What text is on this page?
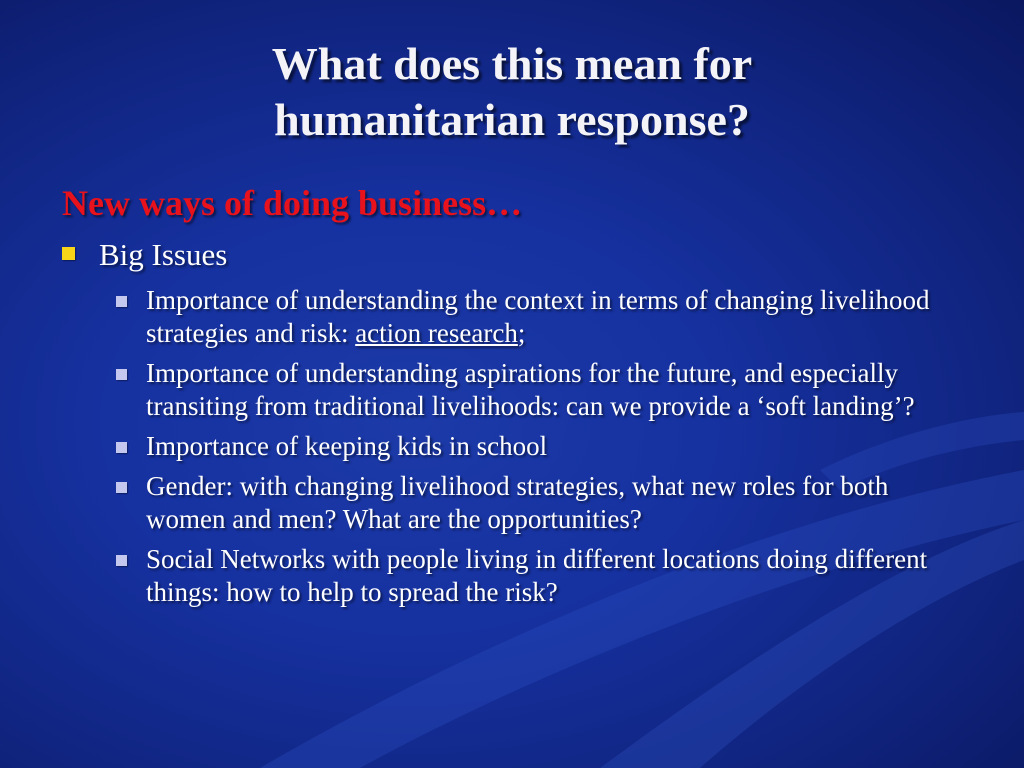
What does this mean for
humanitarian response?
New ways of doing business…
Big Issues
Importance of understanding the context in terms of changing livelihood strategies and risk: action research;
Importance of understanding aspirations for the future, and especially transiting from traditional livelihoods: can we provide a ‘soft landing’?
Importance of keeping kids in school
Gender: with changing livelihood strategies, what new roles for both women and men? What are the opportunities?
Social Networks with people living in different locations doing different things: how to help to spread the risk?
